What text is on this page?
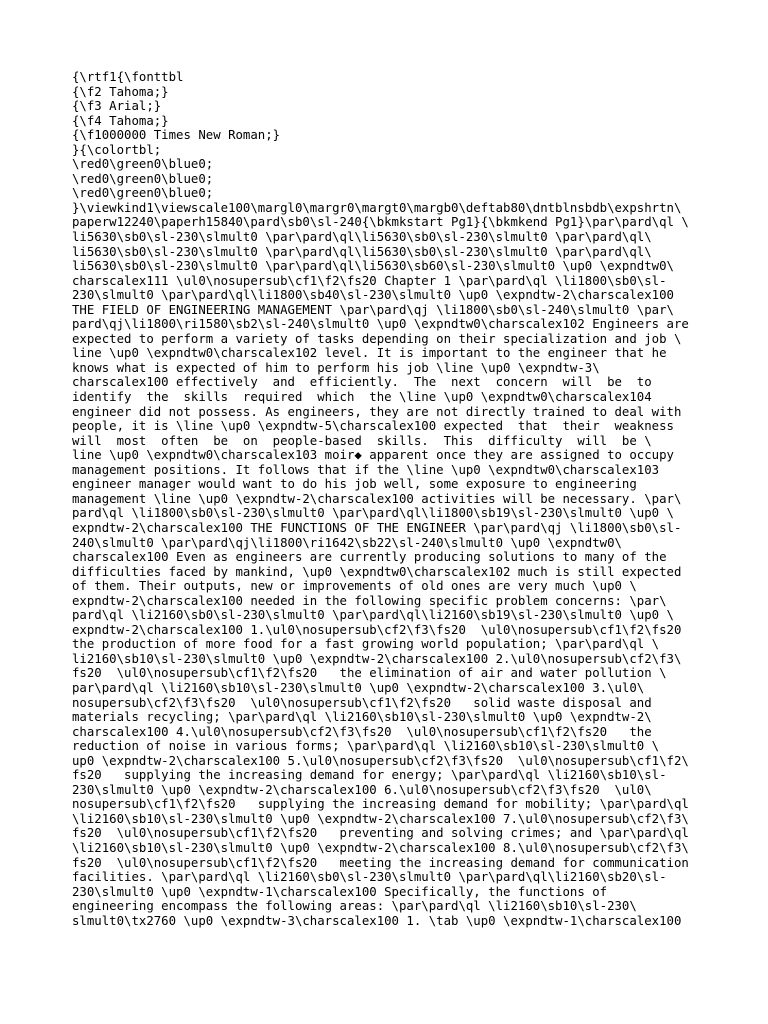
{\rtf1{\fonttbl
{\f2 Tahoma;}
{\f3 Arial;}
{\f4 Tahoma;}
{\f1000000 Times New Roman;}
}{\colortbl;
\red0\green0\blue0;
\red0\green0\blue0;
\red0\green0\blue0;
}\viewkind1\viewscale100\margl0\margr0\margt0\margb0\deftab80\dntblnsbdb\expshrtn\
paperw12240\paperh15840\pard\sb0\sl-240{\bkmkstart Pg1}{\bkmkend Pg1}\par\pard\ql \
li5630\sb0\sl-230\slmult0 \par\pard\ql\li5630\sb0\sl-230\slmult0 \par\pard\ql\
li5630\sb0\sl-230\slmult0 \par\pard\ql\li5630\sb0\sl-230\slmult0 \par\pard\ql\
li5630\sb0\sl-230\slmult0 \par\pard\ql\li5630\sb60\sl-230\slmult0 \up0 \expndtw0\
charscalex111 \ul0\nosupersub\cf1\f2\fs20 Chapter 1 \par\pard\ql \li1800\sb0\sl-
230\slmult0 \par\pard\ql\li1800\sb40\sl-230\slmult0 \up0 \expndtw-2\charscalex100
THE FIELD OF ENGINEERING MANAGEMENT \par\pard\qj \li1800\sb0\sl-240\slmult0 \par\
pard\qj\li1800\ri1580\sb2\sl-240\slmult0 \up0 \expndtw0\charscalex102 Engineers are
expected to perform a variety of tasks depending on their specialization and job \
line \up0 \expndtw0\charscalex102 level. It is important to the engineer that he
knows what is expected of him to perform his job \line \up0 \expndtw-3\
charscalex100 effectively  and  efficiently.  The  next  concern  will  be  to
identify  the  skills  required  which  the \line \up0 \expndtw0\charscalex104
engineer did not possess. As engineers, they are not directly trained to deal with
people, it is \line \up0 \expndtw-5\charscalex100 expected  that  their  weakness
will  most  often  be  on  people-based  skills.  This  difficulty  will  be \
line \up0 \expndtw0\charscalex103 moir◆ apparent once they are assigned to occupy
management positions. It follows that if the \line \up0 \expndtw0\charscalex103
engineer manager would want to do his job well, some exposure to engineering
management \line \up0 \expndtw-2\charscalex100 activities will be necessary. \par\
pard\ql \li1800\sb0\sl-230\slmult0 \par\pard\ql\li1800\sb19\sl-230\slmult0 \up0 \
expndtw-2\charscalex100 THE FUNCTIONS OF THE ENGINEER \par\pard\qj \li1800\sb0\sl-
240\slmult0 \par\pard\qj\li1800\ri1642\sb22\sl-240\slmult0 \up0 \expndtw0\
charscalex100 Even as engineers are currently producing solutions to many of the
difficulties faced by mankind, \up0 \expndtw0\charscalex102 much is still expected
of them. Their outputs, new or improvements of old ones are very much \up0 \
expndtw-2\charscalex100 needed in the following specific problem concerns: \par\
pard\ql \li2160\sb0\sl-230\slmult0 \par\pard\ql\li2160\sb19\sl-230\slmult0 \up0 \
expndtw-2\charscalex100 1.\ul0\nosupersub\cf2\f3\fs20  \ul0\nosupersub\cf1\f2\fs20
the production of more food for a fast growing world population; \par\pard\ql \
li2160\sb10\sl-230\slmult0 \up0 \expndtw-2\charscalex100 2.\ul0\nosupersub\cf2\f3\
fs20  \ul0\nosupersub\cf1\f2\fs20   the elimination of air and water pollution \
par\pard\ql \li2160\sb10\sl-230\slmult0 \up0 \expndtw-2\charscalex100 3.\ul0\
nosupersub\cf2\f3\fs20  \ul0\nosupersub\cf1\f2\fs20   solid waste disposal and
materials recycling; \par\pard\ql \li2160\sb10\sl-230\slmult0 \up0 \expndtw-2\
charscalex100 4.\ul0\nosupersub\cf2\f3\fs20  \ul0\nosupersub\cf1\f2\fs20   the
reduction of noise in various forms; \par\pard\ql \li2160\sb10\sl-230\slmult0 \
up0 \expndtw-2\charscalex100 5.\ul0\nosupersub\cf2\f3\fs20  \ul0\nosupersub\cf1\f2\
fs20   supplying the increasing demand for energy; \par\pard\ql \li2160\sb10\sl-
230\slmult0 \up0 \expndtw-2\charscalex100 6.\ul0\nosupersub\cf2\f3\fs20  \ul0\
nosupersub\cf1\f2\fs20   supplying the increasing demand for mobility; \par\pard\ql
\li2160\sb10\sl-230\slmult0 \up0 \expndtw-2\charscalex100 7.\ul0\nosupersub\cf2\f3\
fs20  \ul0\nosupersub\cf1\f2\fs20   preventing and solving crimes; and \par\pard\ql
\li2160\sb10\sl-230\slmult0 \up0 \expndtw-2\charscalex100 8.\ul0\nosupersub\cf2\f3\
fs20  \ul0\nosupersub\cf1\f2\fs20   meeting the increasing demand for communication
facilities. \par\pard\ql \li2160\sb0\sl-230\slmult0 \par\pard\ql\li2160\sb20\sl-
230\slmult0 \up0 \expndtw-1\charscalex100 Specifically, the functions of
engineering encompass the following areas: \par\pard\ql \li2160\sb10\sl-230\
slmult0\tx2760 \up0 \expndtw-3\charscalex100 1. \tab \up0 \expndtw-1\charscalex100
